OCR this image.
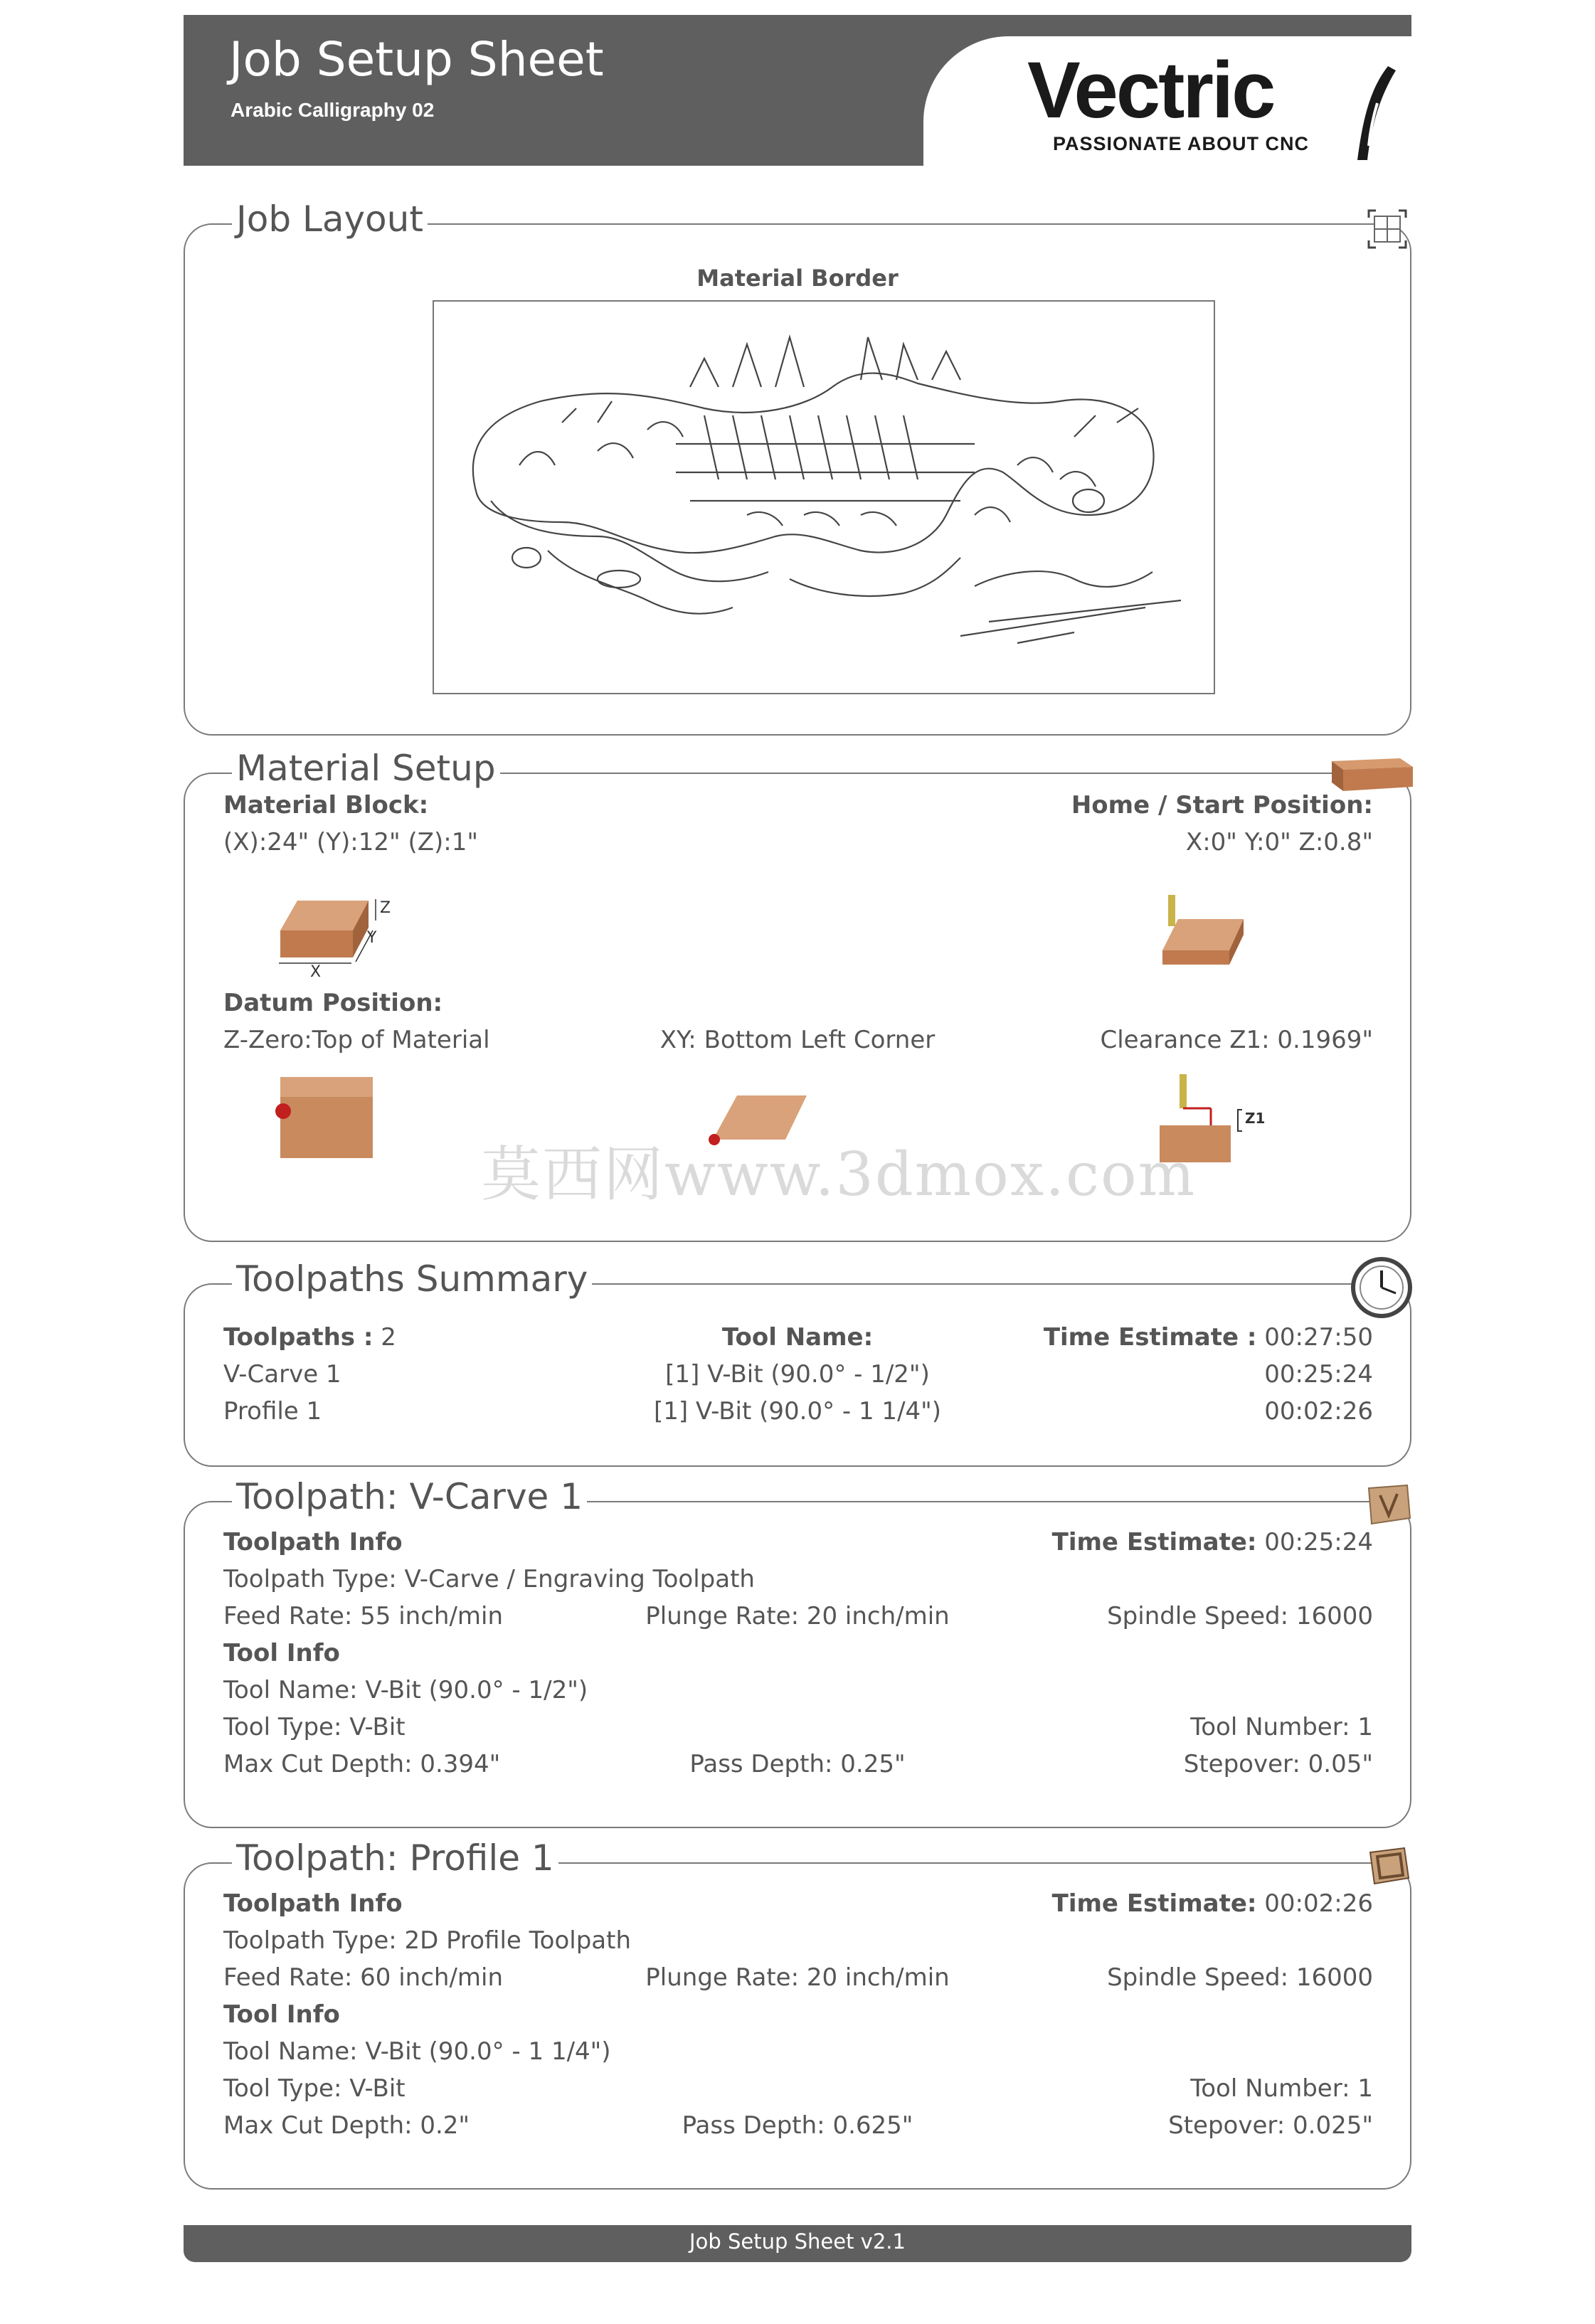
Job Setup Sheet
Arabic Calligraphy 02	Vectric
PASSIONATE ABOUT CNC
Job Layout
Material Border
Material Setup
Material Block:
(X):24" (Y):12" (Z):1"
Home / Start Position:
X:0" Y:0" Z:0.8"
X
Y
Z
Datum Position:
Z-Zero:Top of Material	XY: Bottom Left Corner	Clearance Z1: 0.1969"
Z1
Toolpaths Summary
Toolpaths : 2	Tool Name:	Time Estimate : 00:27:50
V-Carve 1	[1] V-Bit (90.0° - 1/2")	00:25:24
Profile 1	[1] V-Bit (90.0° - 1 1/4")	00:02:26
Toolpath: V-Carve 1
Toolpath Info	Time Estimate: 00:25:24
Toolpath Type: V-Carve / Engraving Toolpath
Feed Rate: 55 inch/min	Plunge Rate: 20 inch/min	Spindle Speed: 16000
Tool Info
Tool Name: V-Bit (90.0° - 1/2")
Tool Type: V-Bit	Tool Number: 1
Max Cut Depth: 0.394"	Pass Depth: 0.25"	Stepover: 0.05"
Toolpath: Profile 1
Toolpath Info	Time Estimate: 00:02:26
Toolpath Type: 2D Profile Toolpath
Feed Rate: 60 inch/min	Plunge Rate: 20 inch/min	Spindle Speed: 16000
Tool Info
Tool Name: V-Bit (90.0° - 1 1/4")
Tool Type: V-Bit	Tool Number: 1
Max Cut Depth: 0.2"	Pass Depth: 0.625"	Stepover: 0.025"
Job Setup Sheet v2.1
莫西网www.3dmox.com
